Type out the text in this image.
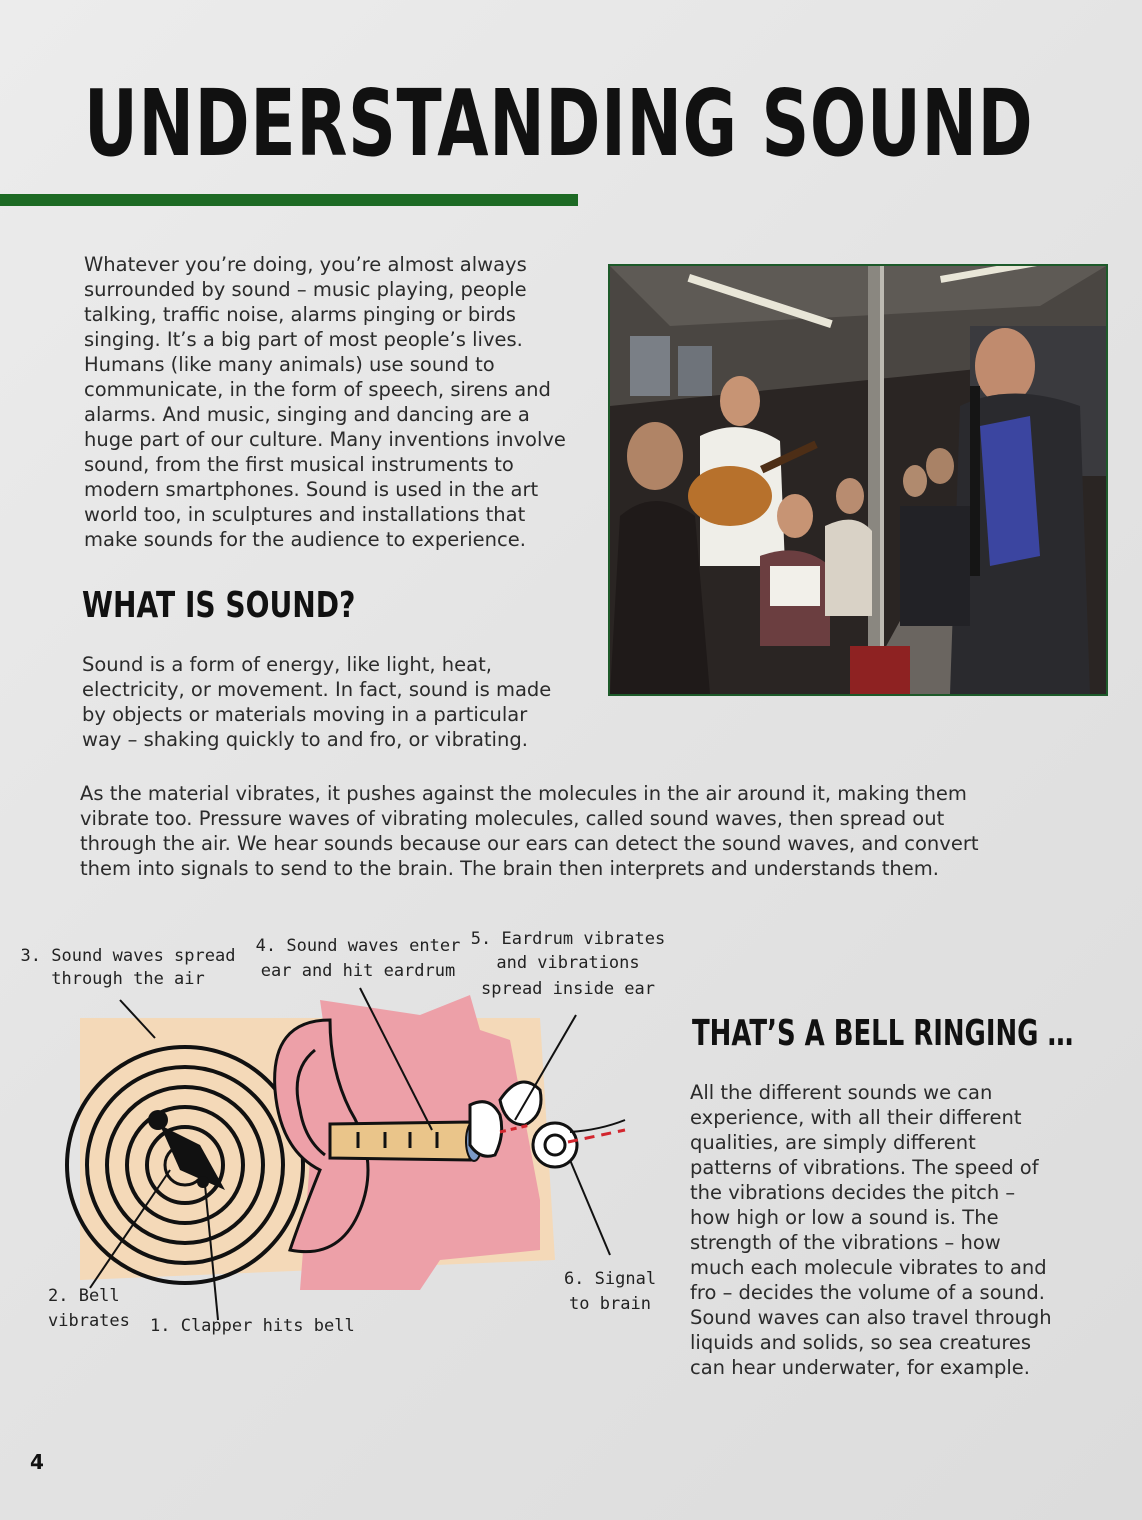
UNDERSTANDING SOUND

Whatever you’re doing, you’re almost always surrounded by sound – music playing, people talking, traffic noise, alarms pinging or birds singing. It’s a big part of most people’s lives. Humans (like many animals) use sound to communicate, in the form of speech, sirens and alarms. And music, singing and dancing are a huge part of our culture. Many inventions involve sound, from the first musical instruments to modern smartphones. Sound is used in the art world too, in sculptures and installations that make sounds for the audience to experience.

WHAT IS SOUND?

Sound is a form of energy, like light, heat, electricity, or movement. In fact, sound is made by objects or materials moving in a particular way – shaking quickly to and fro, or vibrating.

As the material vibrates, it pushes against the molecules in the air around it, making them vibrate too. Pressure waves of vibrating molecules, called sound waves, then spread out through the air. We hear sounds because our ears can detect the sound waves, and convert them into signals to send to the brain. The brain then interprets and understands them.

3. Sound waves spread
through the air
4. Sound waves enter
ear and hit eardrum
5. Eardrum vibrates
and vibrations
spread inside ear
6. Signal
to brain
2. Bell
vibrates 1. Clapper hits bell
THAT’S A BELL RINGING …

All the different sounds we can experience, with all their different qualities, are simply different patterns of vibrations. The speed of the vibrations decides the pitch – how high or low a sound is. The strength of the vibrations – how much each molecule vibrates to and fro – decides the volume of a sound. Sound waves can also travel through liquids and solids, so sea creatures can hear underwater, for example.

4
